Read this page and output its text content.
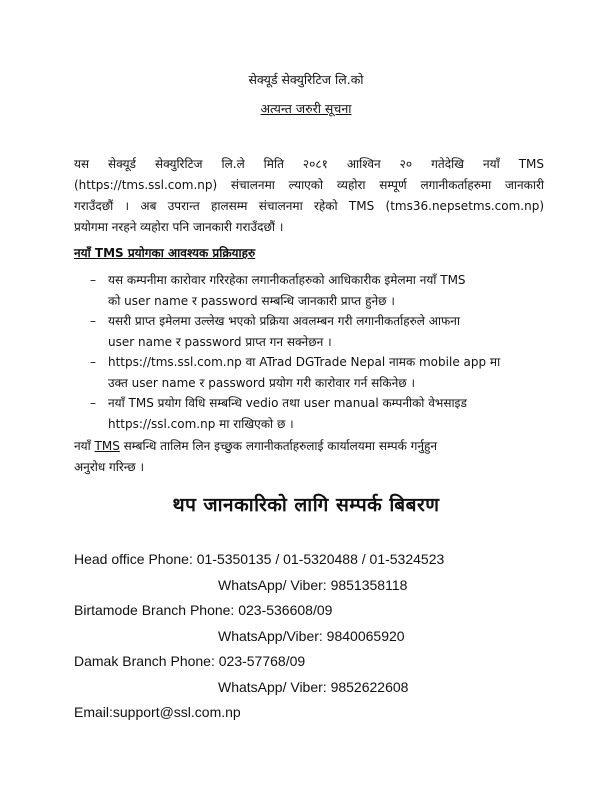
सेक्यूर्ड सेक्युरिटिज लि.को
अत्यन्त जरुरी सूचना
यस सेक्यूर्ड सेक्युरिटिज लि.ले मिति २०८१ आश्विन २० गतेदेखि नयाँ TMS
(https://tms.ssl.com.np) संचालनमा ल्याएको व्यहोरा सम्पूर्ण लगानीकर्ताहरुमा जानकारी
गराउँदछौं । अब उपरान्त हालसम्म संचालनमा रहेको TMS (tms36.nepsetms.com.np)
प्रयोगमा नरहने व्यहोरा पनि जानकारी गराउँदछौं ।
नयाँ TMS प्रयोगका आवश्यक प्रक्रियाहरु
– यस कम्पनीमा कारोवार गरिरहेका लगानीकर्ताहरुको आधिकारीक इमेलमा नयाँ TMS
को user name र password सम्बन्धि जानकारी प्राप्त हुनेछ ।
– यसरी प्राप्त इमेलमा उल्लेख भएको प्रक्रिया अवलम्बन गरी लगानीकर्ताहरुले आफना
user name र password प्राप्त गन सक्नेछन ।
– https://tms.ssl.com.np वा ATrad DGTrade Nepal नामक mobile app मा
उक्त user name र password प्रयोग गरी कारोवार गर्न सकिनेछ ।
– नयाँ TMS प्रयोग विधि सम्बन्धि vedio तथा user manual कम्पनीको वेभसाइड
https://ssl.com.np मा राखिएको छ ।
नयाँ TMS सम्बन्धि तालिम लिन इच्छुक लगानीकर्ताहरुलाई कार्यालयमा सम्पर्क गर्नुहुन
अनुरोध गरिन्छ ।
थप जानकारिको लागि सम्पर्क बिबरण
Head office Phone: 01-5350135 / 01-5320488 / 01-5324523
WhatsApp/ Viber: 9851358118
Birtamode Branch Phone: 023-536608/09
WhatsApp/Viber: 9840065920
Damak Branch Phone: 023-57768/09
WhatsApp/ Viber: 9852622608
Email:support@ssl.com.np
